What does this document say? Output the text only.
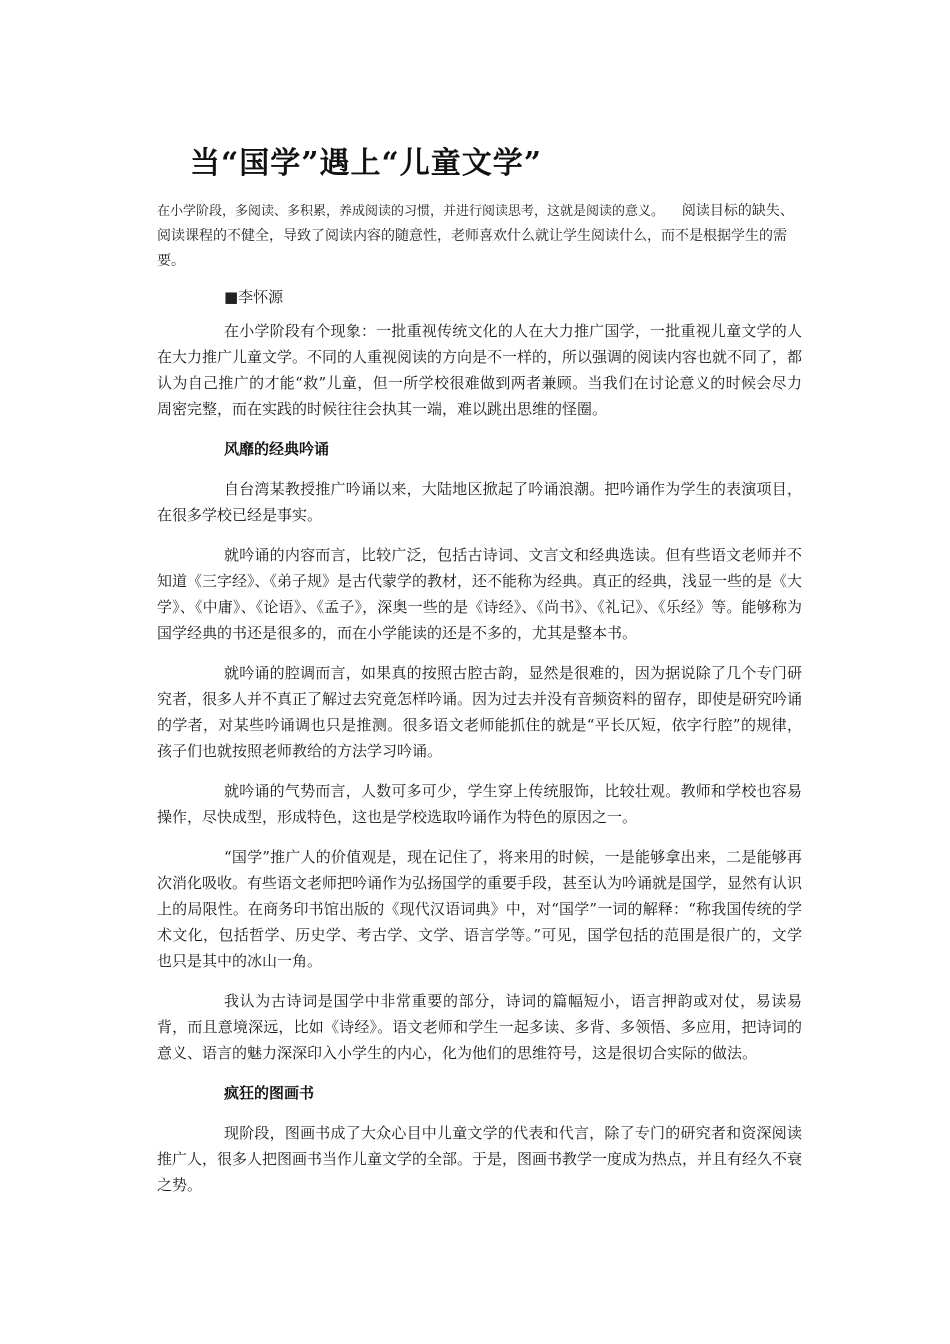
当“国学”遇上“儿童文学”

在小学阶段，多阅读、多积累，养成阅读的习惯，并进行阅读思考，这就是阅读的意义。 阅读目标的缺失、阅读课程的不健全，导致了阅读内容的随意性，老师喜欢什么就让学生阅读什么，而不是根据学生的需要。

■李怀源

在小学阶段有个现象：一批重视传统文化的人在大力推广国学，一批重视儿童文学的人在大力推广儿童文学。不同的人重视阅读的方向是不一样的，所以强调的阅读内容也就不同了，都认为自己推广的才能“救”儿童，但一所学校很难做到两者兼顾。当我们在讨论意义的时候会尽力周密完整，而在实践的时候往往会执其一端，难以跳出思维的怪圈。

风靡的经典吟诵

自台湾某教授推广吟诵以来，大陆地区掀起了吟诵浪潮。把吟诵作为学生的表演项目，在很多学校已经是事实。

就吟诵的内容而言，比较广泛，包括古诗词、文言文和经典选读。但有些语文老师并不知道《三字经》、《弟子规》是古代蒙学的教材，还不能称为经典。真正的经典，浅显一些的是《大学》、《中庸》、《论语》、《孟子》，深奥一些的是《诗经》、《尚书》、《礼记》、《乐经》等。能够称为国学经典的书还是很多的，而在小学能读的还是不多的，尤其是整本书。

就吟诵的腔调而言，如果真的按照古腔古韵，显然是很难的，因为据说除了几个专门研究者，很多人并不真正了解过去究竟怎样吟诵。因为过去并没有音频资料的留存，即使是研究吟诵的学者，对某些吟诵调也只是推测。很多语文老师能抓住的就是“平长仄短，依字行腔”的规律，孩子们也就按照老师教给的方法学习吟诵。

就吟诵的气势而言，人数可多可少，学生穿上传统服饰，比较壮观。教师和学校也容易操作，尽快成型，形成特色，这也是学校选取吟诵作为特色的原因之一。

“国学”推广人的价值观是，现在记住了，将来用的时候，一是能够拿出来，二是能够再次消化吸收。有些语文老师把吟诵作为弘扬国学的重要手段，甚至认为吟诵就是国学，显然有认识上的局限性。在商务印书馆出版的《现代汉语词典》中，对“国学”一词的解释：“称我国传统的学术文化，包括哲学、历史学、考古学、文学、语言学等。”可见，国学包括的范围是很广的，文学也只是其中的冰山一角。

我认为古诗词是国学中非常重要的部分，诗词的篇幅短小，语言押韵或对仗，易读易背，而且意境深远，比如《诗经》。语文老师和学生一起多读、多背、多领悟、多应用，把诗词的意义、语言的魅力深深印入小学生的内心，化为他们的思维符号，这是很切合实际的做法。

疯狂的图画书

现阶段，图画书成了大众心目中儿童文学的代表和代言，除了专门的研究者和资深阅读推广人，很多人把图画书当作儿童文学的全部。于是，图画书教学一度成为热点，并且有经久不衰之势。
